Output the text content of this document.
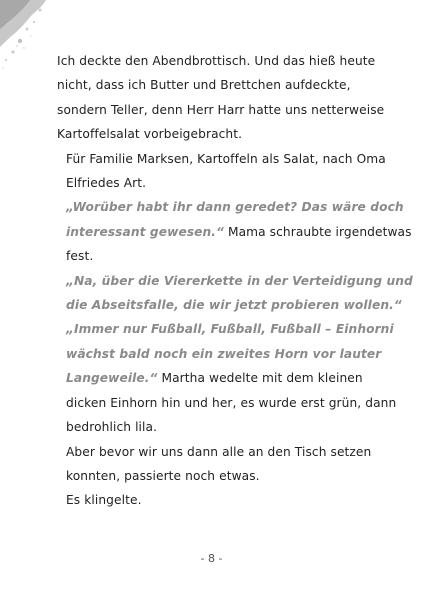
Ich deckte den Abendbrottisch. Und das hieß heute
nicht, dass ich Butter und Brettchen aufdeckte,
sondern Teller, denn Herr Harr hatte uns netterweise
Kartoffelsalat vorbeigebracht.
Für Familie Marksen, Kartoffeln als Salat, nach Oma
Elfriedes Art.
„Worüber habt ihr dann geredet? Das wäre doch
interessant gewesen.“ Mama schraubte irgendetwas
fest.
„Na, über die Viererkette in der Verteidigung und
die Abseitsfalle, die wir jetzt probieren wollen.“
„Immer nur Fußball, Fußball, Fußball – Einhorni
wächst bald noch ein zweites Horn vor lauter
Langeweile.“ Martha wedelte mit dem kleinen
dicken Einhorn hin und her, es wurde erst grün, dann
bedrohlich lila.
Aber bevor wir uns dann alle an den Tisch setzen
konnten, passierte noch etwas.
Es klingelte.
- 8 -
